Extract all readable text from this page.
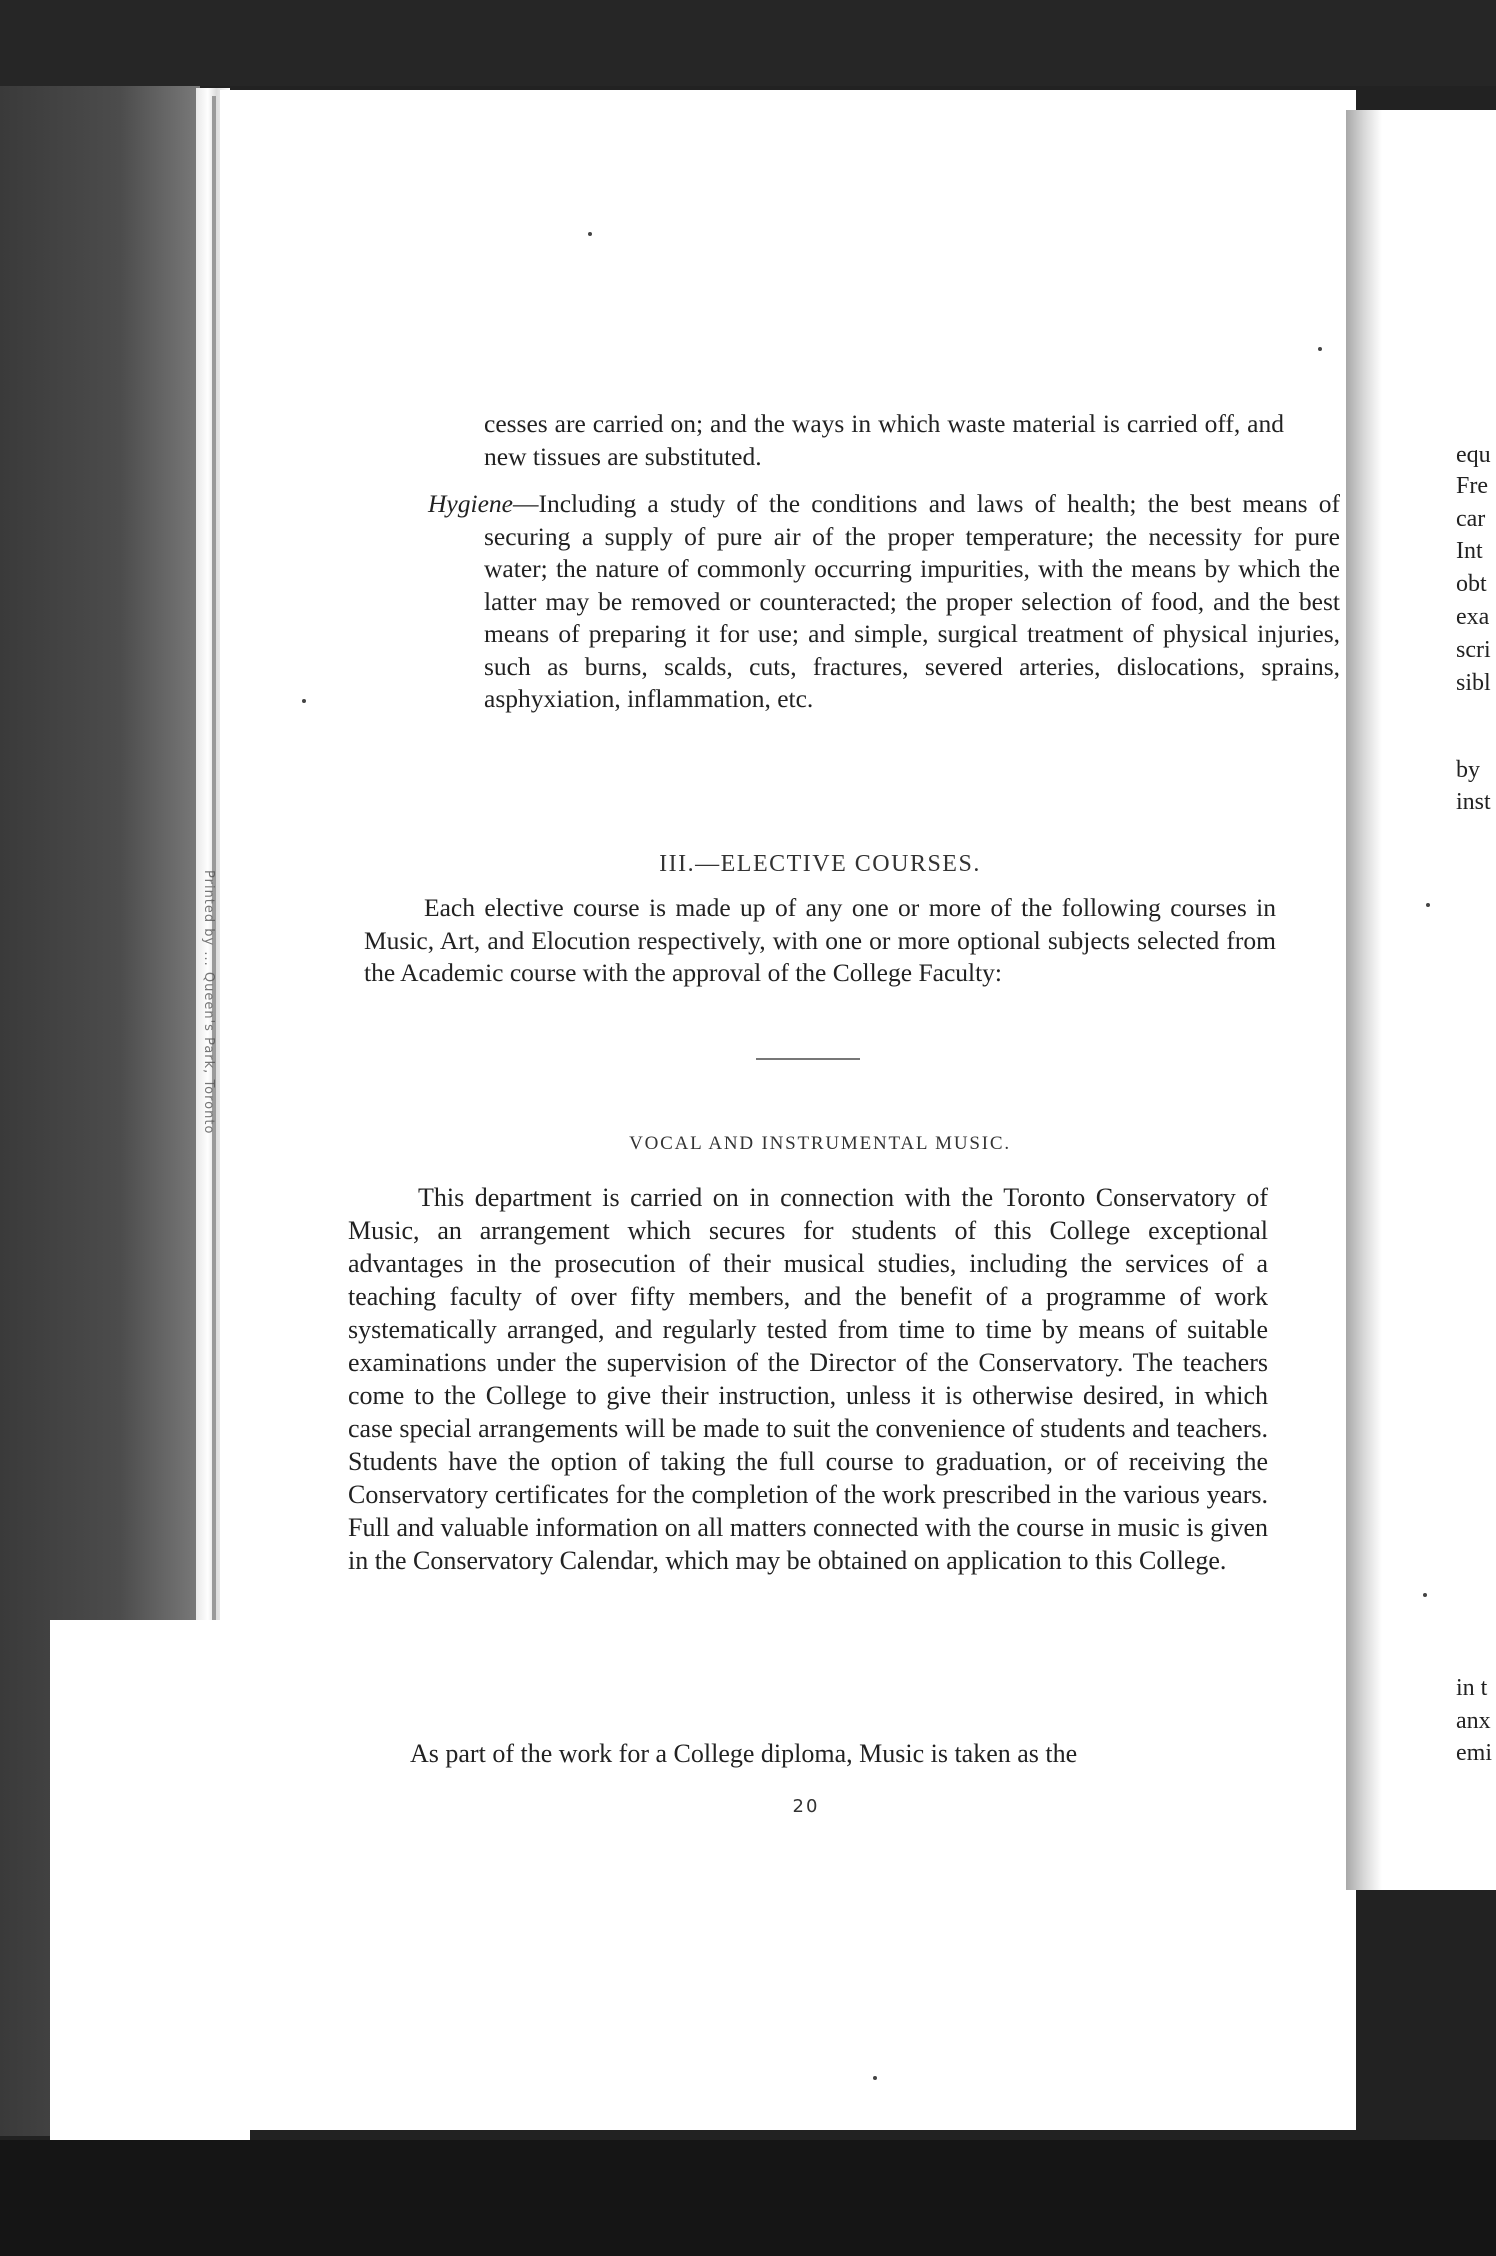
Printed by ... Queen's Park, Toronto
cesses are carried on; and the ways in which waste material is carried off, and new tissues are substituted.
Hygiene—Including a study of the conditions and laws of health; the best means of securing a supply of pure air of the proper temperature; the necessity for pure water; the nature of commonly occurring impurities, with the means by which the latter may be removed or counteracted; the proper selection of food, and the best means of preparing it for use; and simple, surgical treatment of physical injuries, such as burns, scalds, cuts, fractures, severed arteries, dislocations, sprains, asphyxiation, inflammation, etc.
III.—ELECTIVE COURSES.
Each elective course is made up of any one or more of the following courses in Music, Art, and Elocution respectively, with one or more optional subjects selected from the Academic course with the approval of the College Faculty:
VOCAL AND INSTRUMENTAL MUSIC.
This department is carried on in connection with the Toronto Conservatory of Music, an arrangement which secures for students of this College exceptional advantages in the prosecution of their musical studies, including the services of a teaching faculty of over fifty members, and the benefit of a programme of work systematically arranged, and regularly tested from time to time by means of suitable examinations under the supervision of the Director of the Conservatory. The teachers come to the College to give their instruction, unless it is otherwise desired, in which case special arrangements will be made to suit the convenience of students and teachers. Students have the option of taking the full course to graduation, or of receiving the Conservatory certificates for the completion of the work prescribed in the various years. Full and valuable information on all matters connected with the course in music is given in the Conservatory Calendar, which may be obtained on application to this College.
As part of the work for a College diploma, Music is taken as the
20
equ
Fre
car
Int
obt
exa
scri
sibl
by
inst
in t
anx
emi
